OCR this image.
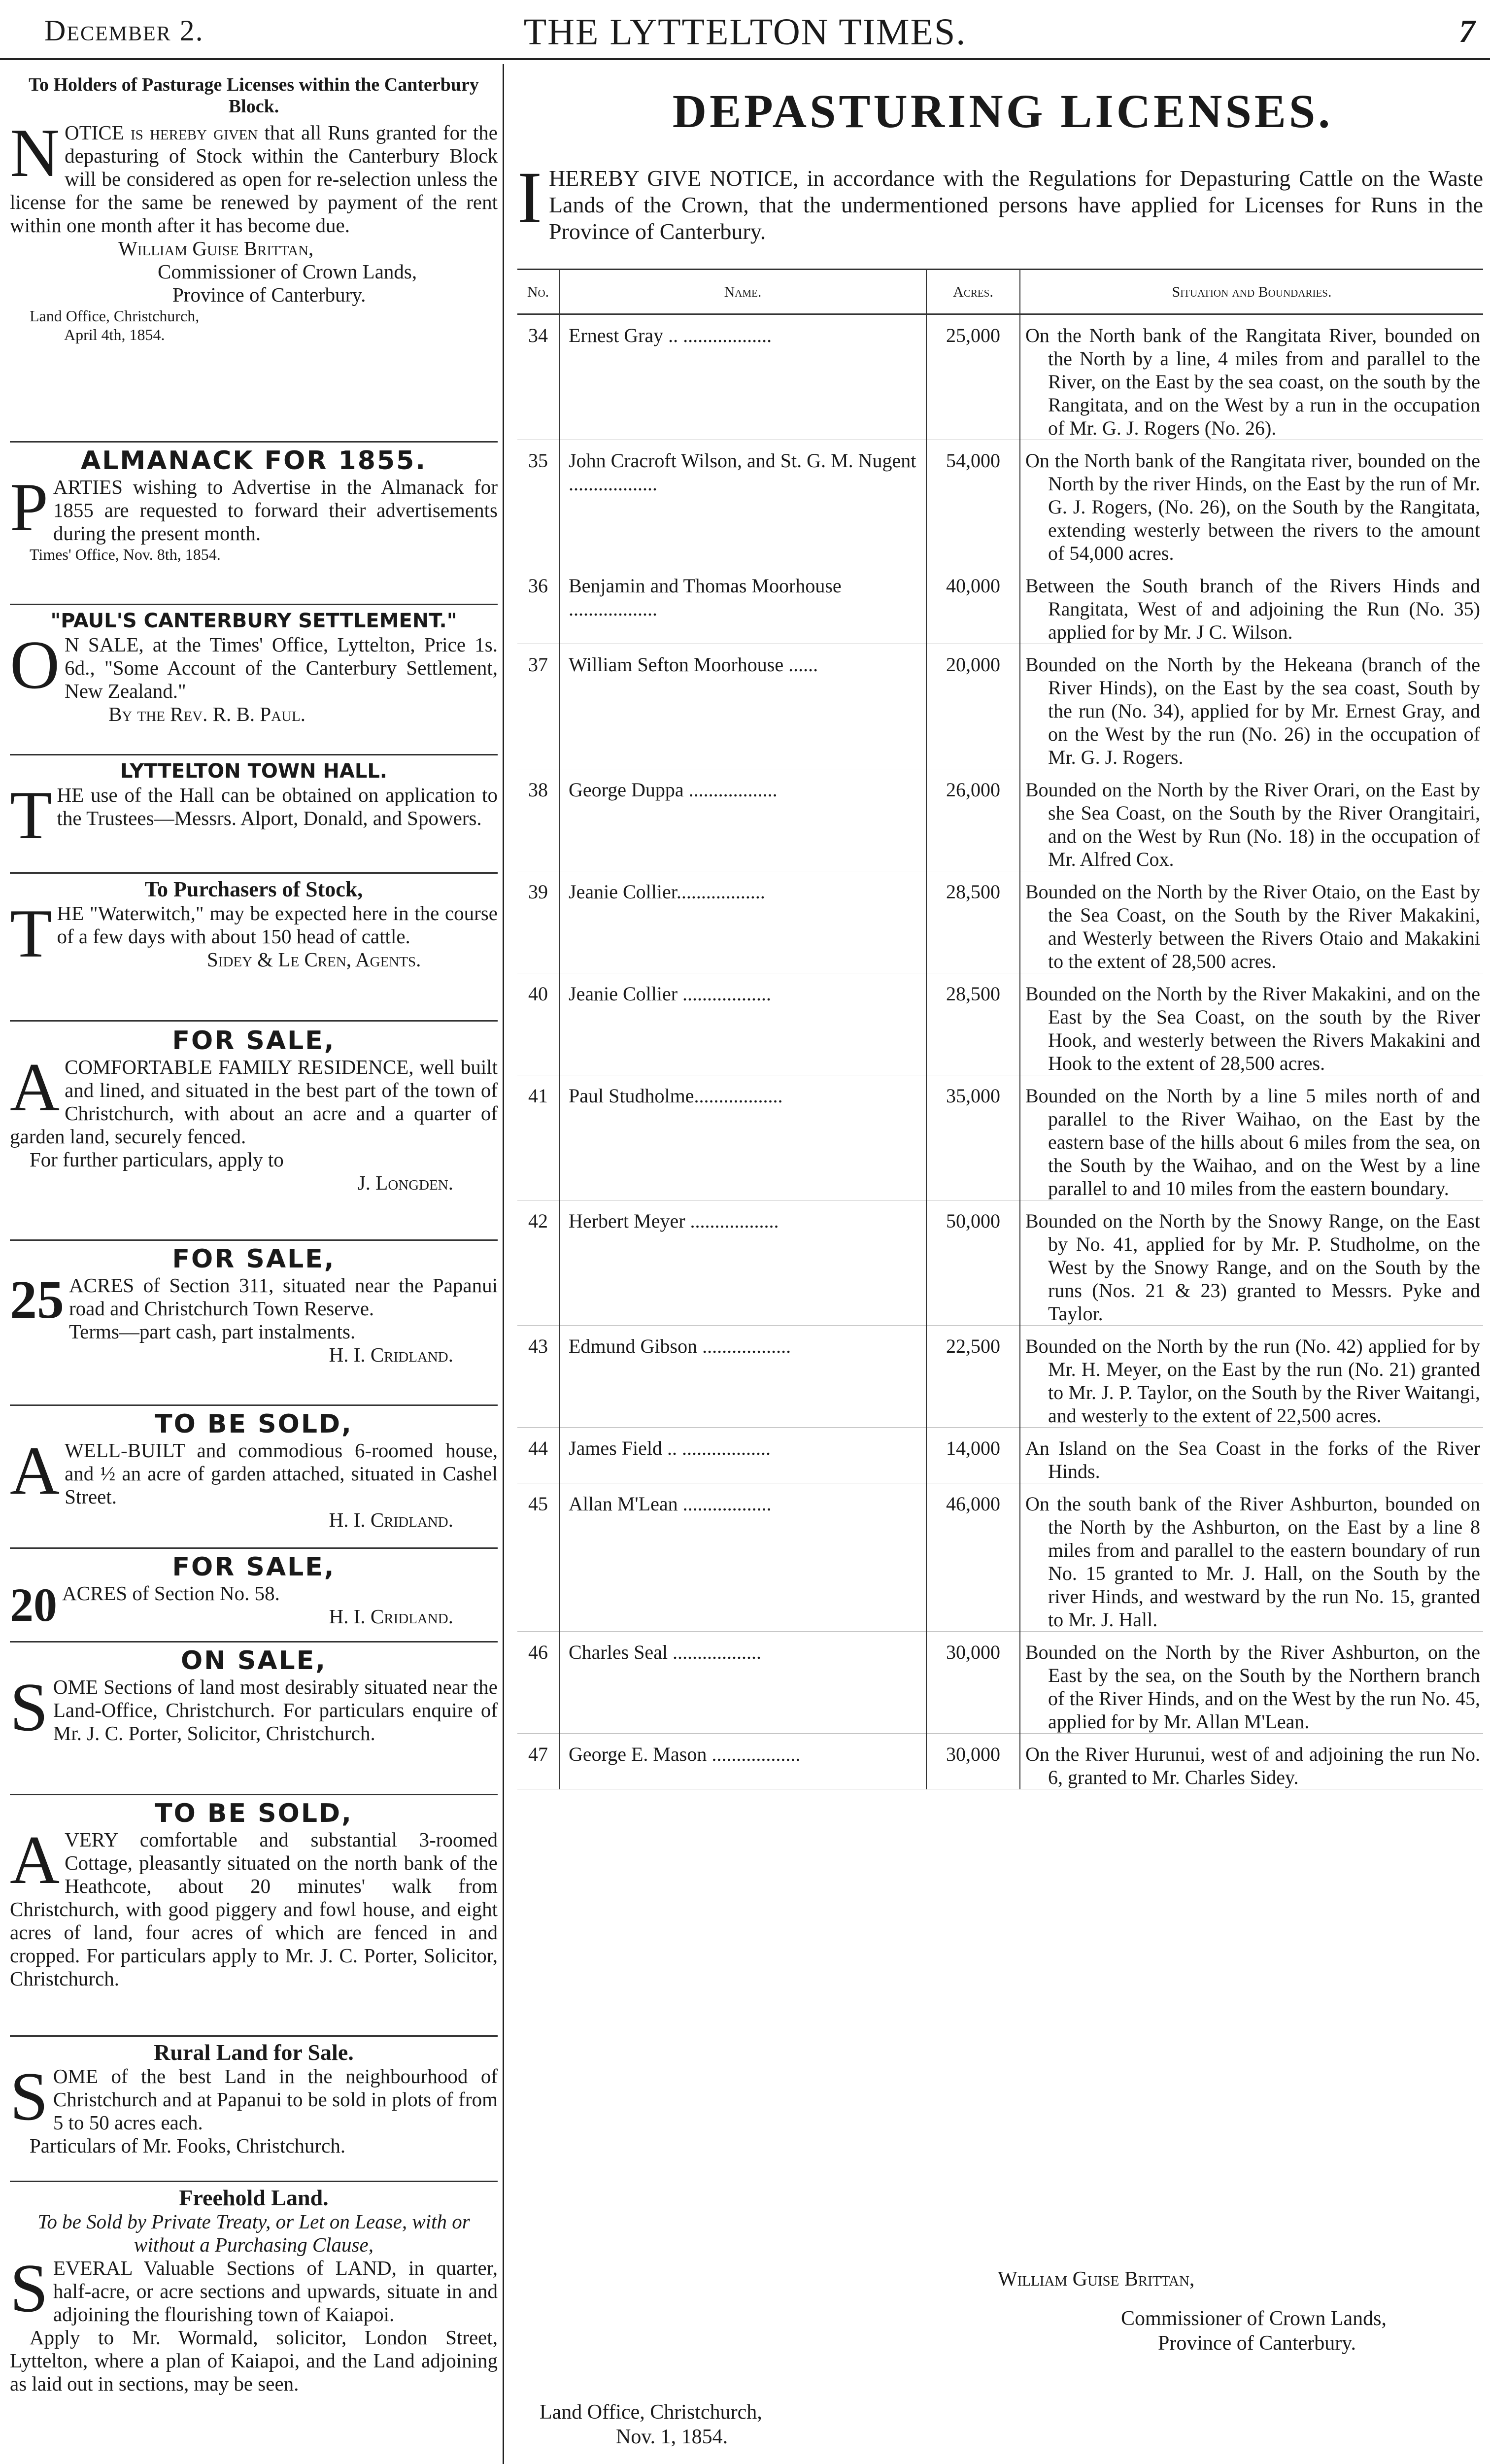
December 2.	THE LYTTELTON TIMES.	7

To Holders of Pasturage Licenses within the Canterbury Block.

N OTICE is hereby given that all Runs granted for the depasturing of Stock within the Canterbury Block will be considered as open for re-selection unless the license for the same be renewed by payment of the rent within one month after it has become due.

William Guise Brittan,

Commissioner of Crown Lands,

Province of Canterbury.

Land Office, Christchurch,

April 4th, 1854.

ALMANACK FOR 1855.

P ARTIES wishing to Advertise in the Almanack for 1855 are requested to forward their advertisements during the present month.

Times' Office, Nov. 8th, 1854.

"PAUL'S CANTERBURY SETTLEMENT."

O N SALE, at the Times' Office, Lyttelton, Price 1s. 6d., "Some Account of the Canterbury Settlement, New Zealand."

By the Rev. R. B. Paul.

LYTTELTON TOWN HALL.

T HE use of the Hall can be obtained on application to the Trustees—Messrs. Alport, Donald, and Spowers.

To Purchasers of Stock,

T HE "Waterwitch," may be expected here in the course of a few days with about 150 head of cattle.

Sidey & Le Cren, Agents.

FOR SALE,

A COMFORTABLE FAMILY RESIDENCE, well built and lined, and situated in the best part of the town of Christchurch, with about an acre and a quarter of garden land, securely fenced.

For further particulars, apply to

J. Longden.

FOR SALE,

25 ACRES of Section 311, situated near the Papanui road and Christchurch Town Reserve.

Terms—part cash, part instalments.

H. I. Cridland.

TO BE SOLD,

A WELL-BUILT and commodious 6-roomed house, and ½ an acre of garden attached, situated in Cashel Street.

H. I. Cridland.

FOR SALE,

20 ACRES of Section No. 58.

H. I. Cridland.

ON SALE,

S OME Sections of land most desirably situated near the Land-Office, Christchurch. For particulars enquire of Mr. J. C. Porter, Solicitor, Christchurch.

TO BE SOLD,

A VERY comfortable and substantial 3-roomed Cottage, pleasantly situated on the north bank of the Heathcote, about 20 minutes' walk from Christchurch, with good piggery and fowl house, and eight acres of land, four acres of which are fenced in and cropped. For particulars apply to Mr. J. C. Porter, Solicitor, Christchurch.

Rural Land for Sale.

S OME of the best Land in the neighbourhood of Christchurch and at Papanui to be sold in plots of from 5 to 50 acres each.

Particulars of Mr. Fooks, Christchurch.

Freehold Land.

To be Sold by Private Treaty, or Let on Lease, with or without a Purchasing Clause,

S EVERAL Valuable Sections of LAND, in quarter, half-acre, or acre sections and upwards, situate in and adjoining the flourishing town of Kaiapoi.

Apply to Mr. Wormald, solicitor, London Street, Lyttelton, where a plan of Kaiapoi, and the Land adjoining as laid out in sections, may be seen.

DEPASTURING LICENSES.
I HEREBY GIVE NOTICE, in accordance with the Regulations for Depasturing Cattle on the Waste Lands of the Crown, that the undermentioned persons have applied for Licenses for Runs in the Province of Canterbury.
No.	Name.	Acres.	Situation and Boundaries.
34	Ernest Gray .. ..................	25,000	On the North bank of the Rangitata River, bounded on the North by a line, 4 miles from and parallel to the River, on the East by the sea coast, on the south by the Rangitata, and on the West by a run in the occupation of Mr. G. J. Rogers (No. 26).
35	John Cracroft Wilson, and St. G. M. Nugent ..................	54,000	On the North bank of the Rangitata river, bounded on the North by the river Hinds, on the East by the run of Mr. G. J. Rogers, (No. 26), on the South by the Rangitata, extending westerly between the rivers to the amount of 54,000 acres.
36	Benjamin and Thomas Moorhouse ..................	40,000	Between the South branch of the Rivers Hinds and Rangitata, West of and adjoining the Run (No. 35) applied for by Mr. J C. Wilson.
37	William Sefton Moorhouse ......	20,000	Bounded on the North by the Hekeana (branch of the River Hinds), on the East by the sea coast, South by the run (No. 34), applied for by Mr. Ernest Gray, and on the West by the run (No. 26) in the occupation of Mr. G. J. Rogers.
38	George Duppa ..................	26,000	Bounded on the North by the River Orari, on the East by she Sea Coast, on the South by the River Orangitairi, and on the West by Run (No. 18) in the occupation of Mr. Alfred Cox.
39	Jeanie Collier..................	28,500	Bounded on the North by the River Otaio, on the East by the Sea Coast, on the South by the River Makakini, and Westerly between the Rivers Otaio and Makakini to the extent of 28,500 acres.
40	Jeanie Collier ..................	28,500	Bounded on the North by the River Makakini, and on the East by the Sea Coast, on the south by the River Hook, and westerly between the Rivers Makakini and Hook to the extent of 28,500 acres.
41	Paul Studholme..................	35,000	Bounded on the North by a line 5 miles north of and parallel to the River Waihao, on the East by the eastern base of the hills about 6 miles from the sea, on the South by the Waihao, and on the West by a line parallel to and 10 miles from the eastern boundary.
42	Herbert Meyer ..................	50,000	Bounded on the North by the Snowy Range, on the East by No. 41, applied for by Mr. P. Studholme, on the West by the Snowy Range, and on the South by the runs (Nos. 21 & 23) granted to Messrs. Pyke and Taylor.
43	Edmund Gibson ..................	22,500	Bounded on the North by the run (No. 42) applied for by Mr. H. Meyer, on the East by the run (No. 21) granted to Mr. J. P. Taylor, on the South by the River Waitangi, and westerly to the extent of 22,500 acres.
44	James Field .. ..................	14,000	An Island on the Sea Coast in the forks of the River Hinds.
45	Allan M'Lean ..................	46,000	On the south bank of the River Ashburton, bounded on the North by the Ashburton, on the East by a line 8 miles from and parallel to the eastern boundary of run No. 15 granted to Mr. J. Hall, on the South by the river Hinds, and westward by the run No. 15, granted to Mr. J. Hall.
46	Charles Seal ..................	30,000	Bounded on the North by the River Ashburton, on the East by the sea, on the South by the Northern branch of the River Hinds, and on the West by the run No. 45, applied for by Mr. Allan M'Lean.
47	George E. Mason ..................	30,000	On the River Hurunui, west of and adjoining the run No. 6, granted to Mr. Charles Sidey.
William Guise Brittan,
Commissioner of Crown Lands,
Province of Canterbury.
Land Office, Christchurch,
Nov. 1, 1854.
